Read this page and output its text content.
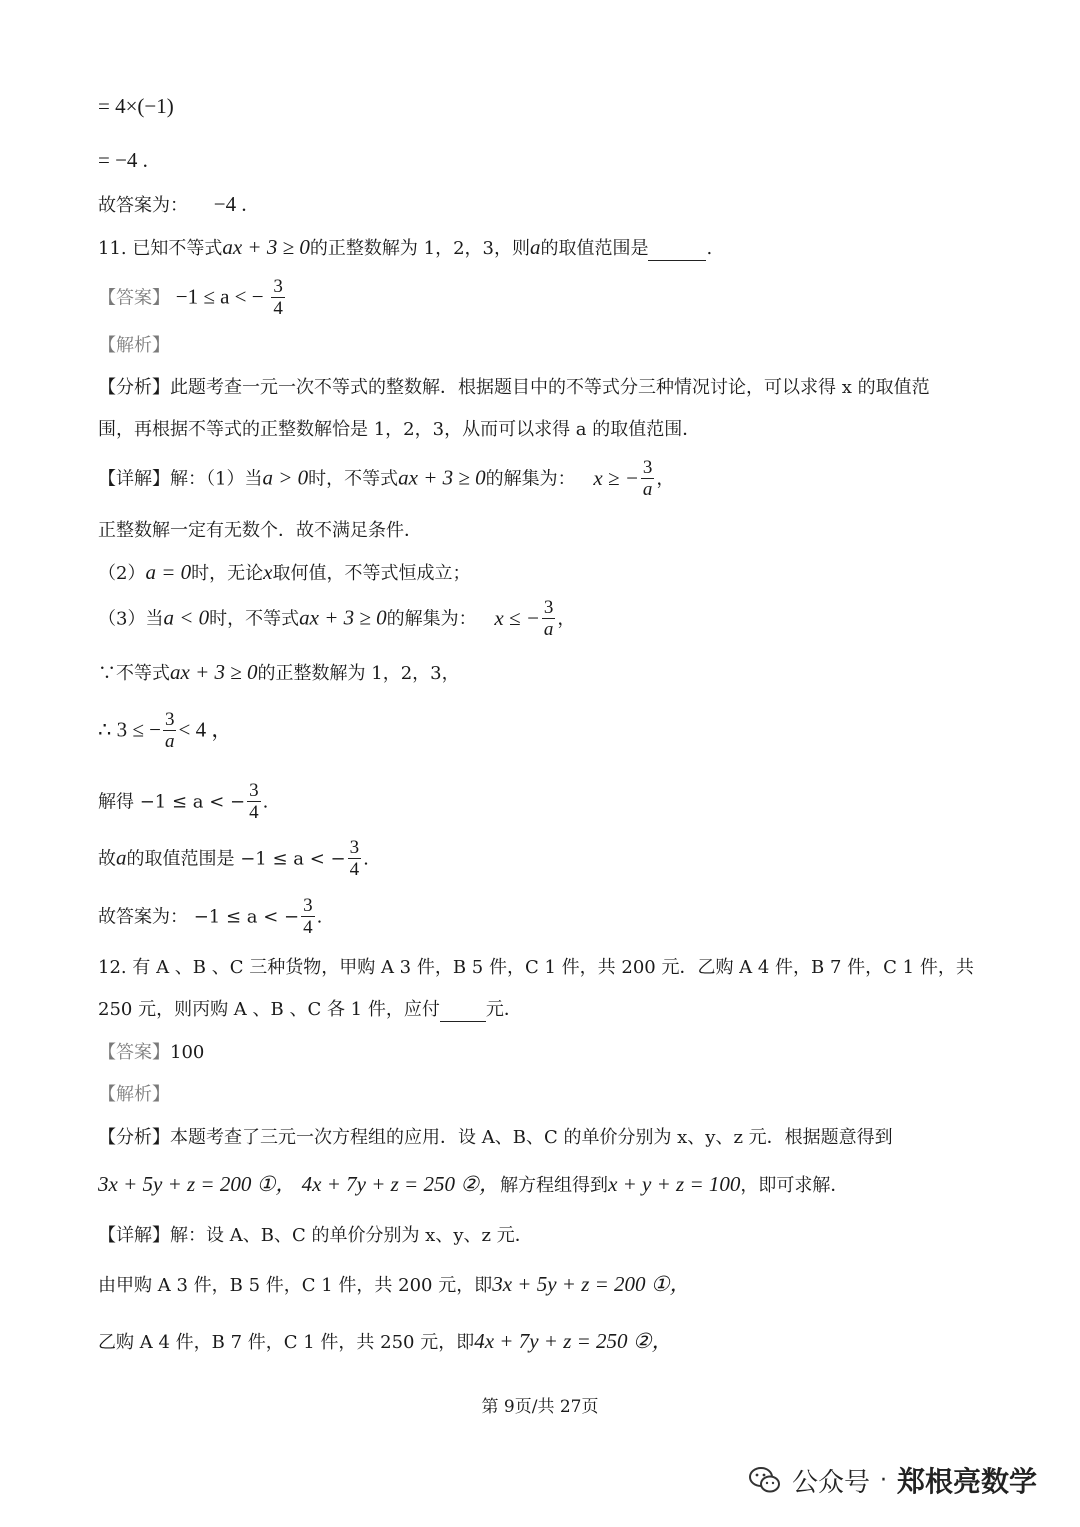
= 4×(−1)
= −4 .
故答案为： −4 .
11. 已知不等式ax + 3 ≥ 0的正整数解为 1，2，3，则a的取值范围是	.
【答案】 −1 ≤ a < − $\frac{3}{4}$
【解析】
【分析】此题考查一元一次不等式的整数解．根据题目中的不等式分三种情况讨论，可以求得 x 的取值范
围，再根据不等式的正整数解恰是 1，2，3，从而可以求得 a 的取值范围．
【详解】解：（1）当a > 0时，不等式ax + 3 ≥ 0的解集为： x ≥ − $\frac{3}{a}$ ，
正整数解一定有无数个．故不满足条件．
（2）a = 0时，无论x取何值，不等式恒成立；
（3）当a < 0时，不等式ax + 3 ≥ 0的解集为： x ≤ − $\frac{3}{a}$ ，
∵不等式ax + 3 ≥ 0的正整数解为 1，2，3，
∴ 3 ≤ − $\frac{3}{a} < 4$ ，
解得 −1 ≤ a < − $\frac{3}{4}$ .
故a的取值范围是 −1 ≤ a < − $\frac{3}{4}$ .
故答案为： −1 ≤ a < − $\frac{3}{4}$ .
12. 有 A 、B 、C 三种货物，甲购 A 3 件，B 5 件，C 1 件，共 200 元．乙购 A 4 件，B 7 件，C 1 件，共
250 元，则丙购 A 、B 、C 各 1 件，应付	元．
【答案】100
【解析】
【分析】本题考查了三元一次方程组的应用．设 A、B、C 的单价分别为 x、y、z 元．根据题意得到
3x + 5y + z = 200 ①， 4x + 7y + z = 250 ②，解方程组得到x + y + z = 100，即可求解．
【详解】解：设 A、B、C 的单价分别为 x、y、z 元．
由甲购 A 3 件，B 5 件，C 1 件，共 200 元，即3x + 5y + z = 200 ①，
乙购 A 4 件，B 7 件，C 1 件，共 250 元，即4x + 7y + z = 250 ②，
第 9页/共 27页
公众号 · 郑根亮数学
